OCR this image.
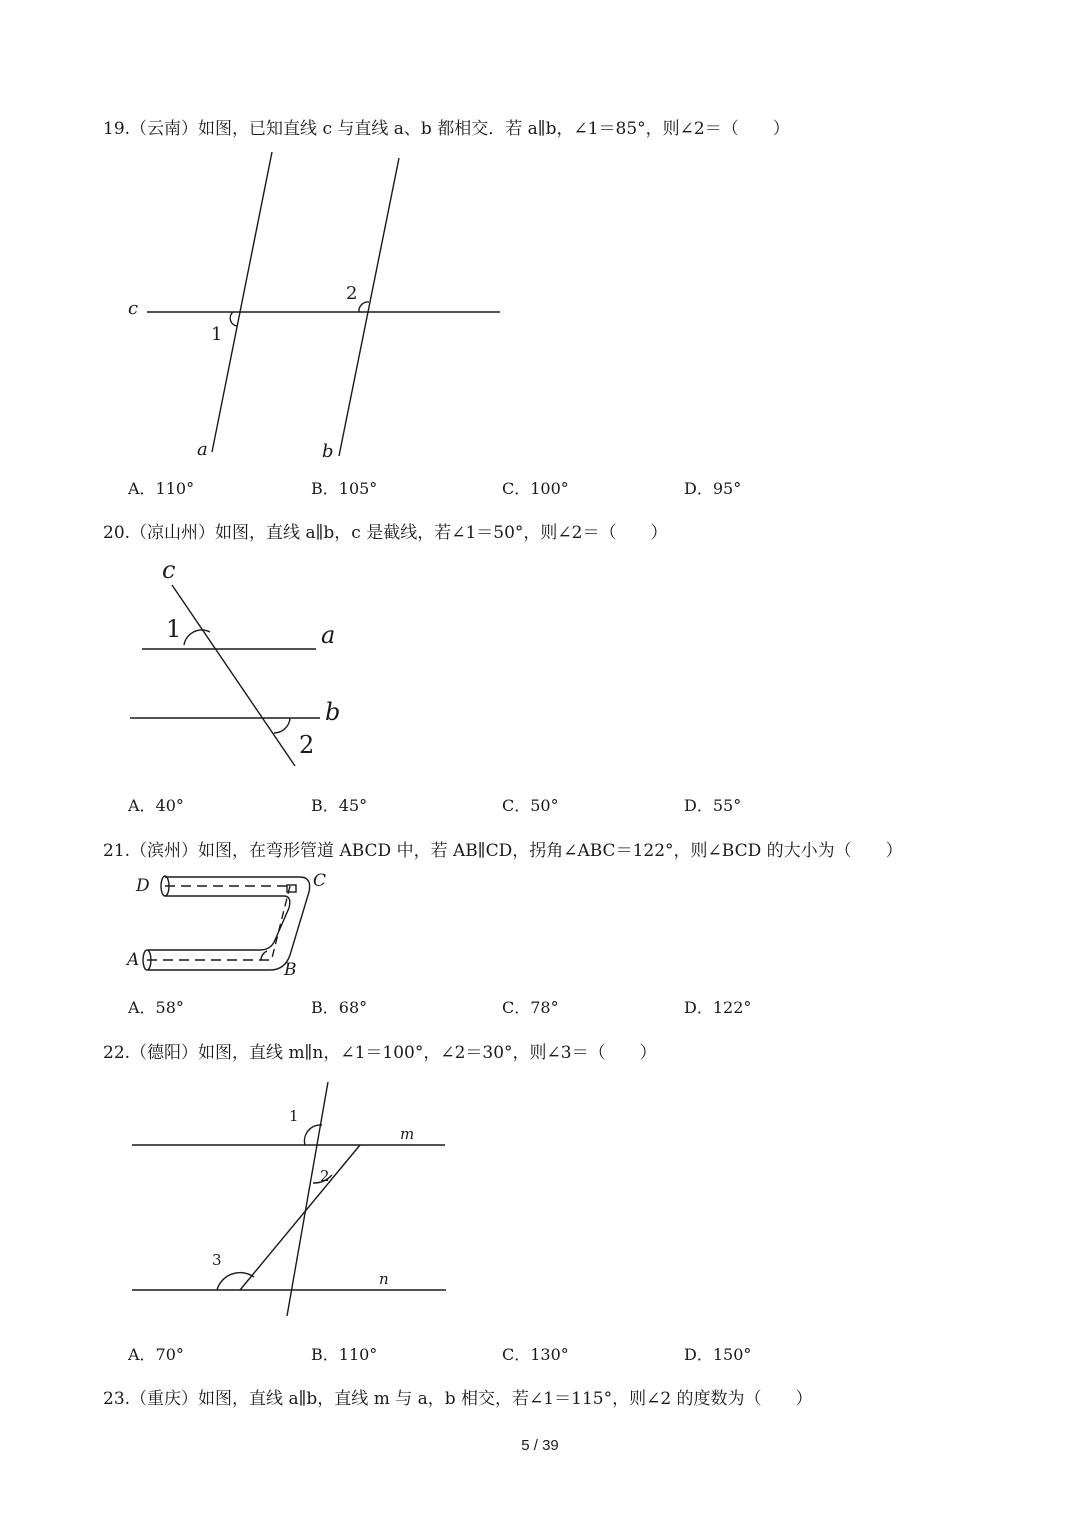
19.（云南）如图，已知直线 c 与直线 a、b 都相交．若 a∥b，∠1＝85°，则∠2＝（　　）
20.（凉山州）如图，直线 a∥b，c 是截线，若∠1＝50°，则∠2＝（　　）
21.（滨州）如图，在弯形管道 ABCD 中，若 AB∥CD，拐角∠ABC＝122°，则∠BCD 的大小为（　　）
22.（德阳）如图，直线 m∥n，∠1＝100°，∠2＝30°，则∠3＝（　　）
23.（重庆）如图，直线 a∥b，直线 m 与 a，b 相交，若∠1＝115°，则∠2 的度数为（　　）
A．110°	B．105°	C．100°	D．95°
A．40°	B．45°	C．50°	D．55°
A．58°	B．68°	C．78°	D．122°
A．70°	B．110°	C．130°	D．150°
c
1
2
a	b
c
1	a
b
2
D	C
A	B
1
m
2
3
n
5 / 39
